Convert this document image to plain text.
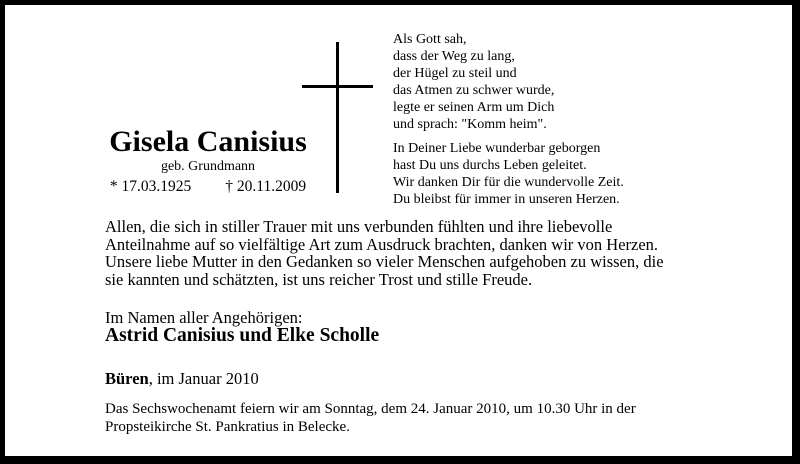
Als Gott sah,
dass der Weg zu lang,
der Hügel zu steil und
das Atmen zu schwer wurde,
legte er seinen Arm um Dich
und sprach: "Komm heim".
In Deiner Liebe wunderbar geborgen
hast Du uns durchs Leben geleitet.
Wir danken Dir für die wundervolle Zeit.
Du bleibst für immer in unseren Herzen.
Gisela Canisius
geb. Grundmann
* 17.03.1925 † 20.11.2009
Allen, die sich in stiller Trauer mit uns verbunden fühlten und ihre liebevolle
Anteilnahme auf so vielfältige Art zum Ausdruck brachten, danken wir von Herzen.
Unsere liebe Mutter in den Gedanken so vieler Menschen aufgehoben zu wissen, die
sie kannten und schätzten, ist uns reicher Trost und stille Freude.
Im Namen aller Angehörigen:
Astrid Canisius und Elke Scholle
Büren, im Januar 2010
Das Sechswochenamt feiern wir am Sonntag, dem 24. Januar 2010, um 10.30 Uhr in der
Propsteikirche St. Pankratius in Belecke.
